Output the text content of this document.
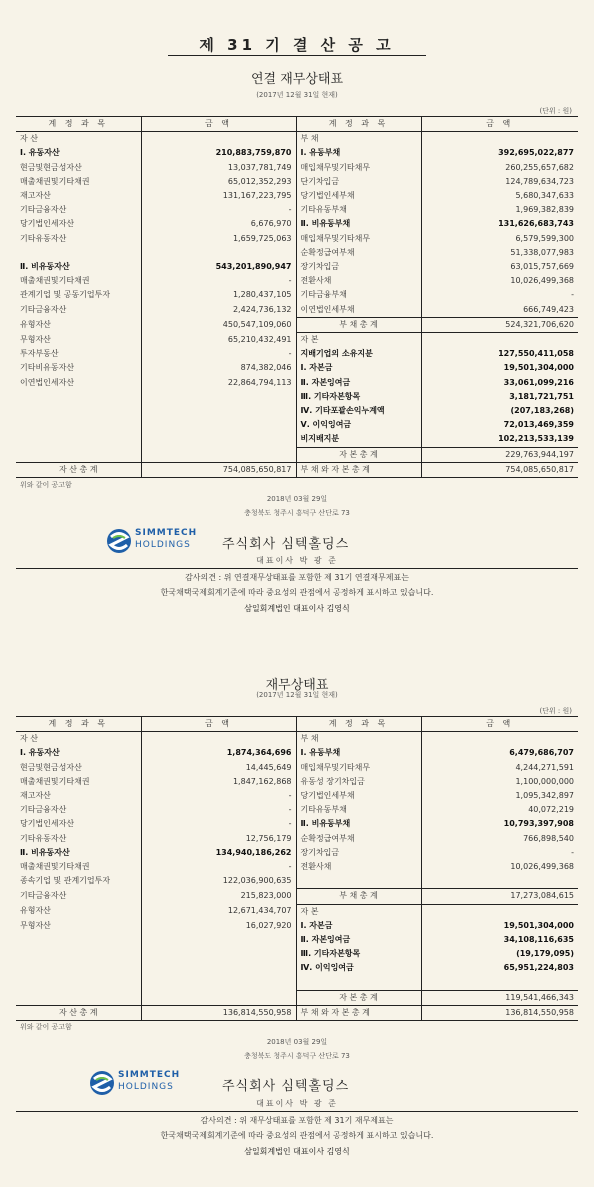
제 31 기 결 산 공 고
연결 재무상태표
(2017년 12월 31일 현재)
(단위 : 원)
계 정 과 목	금 액	계 정 과 목	금 액
자 산		부 채	
Ⅰ. 유동자산	210,883,759,870	Ⅰ. 유동부채	392,695,022,877
현금및현금성자산	13,037,781,749	매입채무및기타채무	260,255,657,682
매출채권및기타채권	65,012,352,293	단기차입금	124,789,634,723
재고자산	131,167,223,795	당기법인세부채	5,680,347,633
기타금융자산	-	기타유동부채	1,969,382,839
당기법인세자산	6,676,970	Ⅱ. 비유동부채	131,626,683,743
기타유동자산	1,659,725,063	매입채무및기타채무	6,579,599,300
		순확정급여부채	51,338,077,983
Ⅱ. 비유동자산	543,201,890,947	장기차입금	63,015,757,669
매출채권및기타채권	-	전환사채	10,026,499,368
관계기업 및 공동기업투자	1,280,437,105	기타금융부채	-
기타금융자산	2,424,736,132	이연법인세부채	666,749,423
유형자산	450,547,109,060	부 채 총 계	524,321,706,620
무형자산	65,210,432,491	자 본	
투자부동산	-	지배기업의 소유지분	127,550,411,058
기타비유동자산	874,382,046	Ⅰ. 자본금	19,501,304,000
이연법인세자산	22,864,794,113	Ⅱ. 자본잉여금	33,061,099,216
		Ⅲ. 기타자본항목	3,181,721,751
		Ⅳ. 기타포괄손익누계액	(207,183,268)
		Ⅴ. 이익잉여금	72,013,469,359
		비지배지분	102,213,533,139
		자 본 총 계	229,763,944,197
자 산 총 계	754,085,650,817	부 채 와 자 본 총 계	754,085,650,817
위와 같이 공고함
2018년 03월 29일
충청북도 청주시 흥덕구 산단로 73
SIMMTECH
HOLDINGS 주식회사 심텍홀딩스
대표이사 박 광 준
감사의견 : 위 연결재무상태표를 포함한 제 31기 연결재무제표는
한국채택국제회계기준에 따라 중요성의 관점에서 공정하게 표시하고 있습니다.
삼일회계법인 대표이사 김영식
재무상태표
(2017년 12월 31일 현재)
(단위 : 원)
계 정 과 목	금 액	계 정 과 목	금 액
자 산		부 채	
Ⅰ. 유동자산	1,874,364,696	Ⅰ. 유동부채	6,479,686,707
현금및현금성자산	14,445,649	매입채무및기타채무	4,244,271,591
매출채권및기타채권	1,847,162,868	유동성 장기차입금	1,100,000,000
재고자산	-	당기법인세부채	1,095,342,897
기타금융자산	-	기타유동부채	40,072,219
당기법인세자산	-	Ⅱ. 비유동부채	10,793,397,908
기타유동자산	12,756,179	순확정급여부채	766,898,540
Ⅱ. 비유동자산	134,940,186,262	장기차입금	-
매출채권및기타채권	-	전환사채	10,026,499,368
종속기업 및 관계기업투자	122,036,900,635		
기타금융자산	215,823,000	부 채 총 계	17,273,084,615
유형자산	12,671,434,707	자 본	
무형자산	16,027,920	Ⅰ. 자본금	19,501,304,000
		Ⅱ. 자본잉여금	34,108,116,635
		Ⅲ. 기타자본항목	(19,179,095)
		Ⅳ. 이익잉여금	65,951,224,803

		자 본 총 계	119,541,466,343
자 산 총 계	136,814,550,958	부 채 와 자 본 총 계	136,814,550,958
위와 같이 공고함
2018년 03월 29일
충청북도 청주시 흥덕구 산단로 73
SIMMTECH
HOLDINGS	주식회사 심텍홀딩스
대표이사 박 광 준
감사의견 : 위 재무상태표를 포함한 제 31기 재무제표는
한국채택국제회계기준에 따라 중요성의 관점에서 공정하게 표시하고 있습니다.
삼일회계법인 대표이사 김영식
